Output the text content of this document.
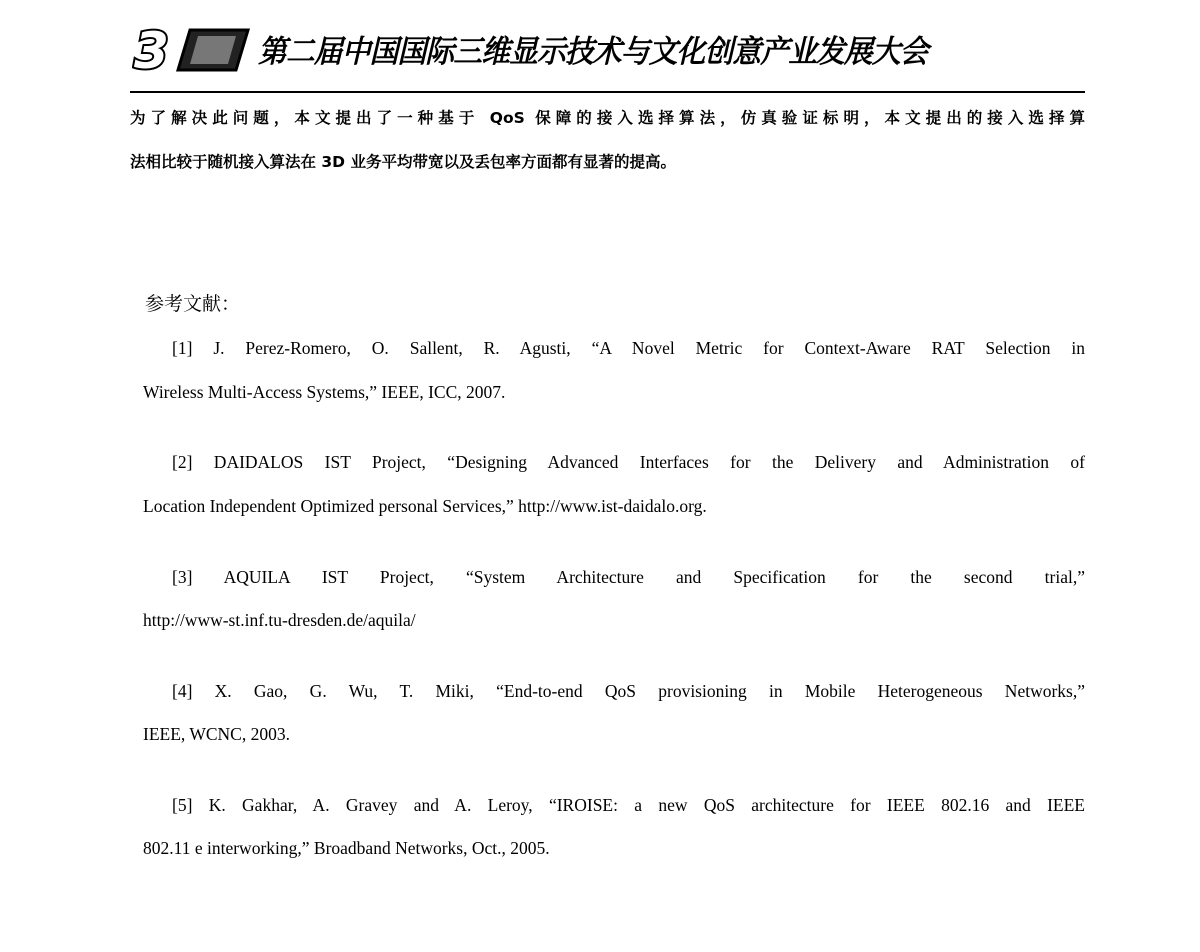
3	第二届中国国际三维显示技术与文化创意产业发展大会
为了解决此问题，本文提出了一种基于 QoS 保障的接入选择算法，仿真验证标明，本文提出的接入选择算
法相比较于随机接入算法在 3D 业务平均带宽以及丢包率方面都有显著的提高。
参考文献：
[1] J. Perez-Romero, O. Sallent, R. Agusti, “A Novel Metric for Context-Aware RAT Selection in
Wireless Multi-Access Systems,” IEEE, ICC, 2007.
[2] DAIDALOS IST Project, “Designing Advanced Interfaces for the Delivery and Administration of
Location Independent Optimized personal Services,” http://www.ist-daidalo.org.
[3] AQUILA IST Project, “System Architecture and Specification for the second trial,”
http://www-st.inf.tu-dresden.de/aquila/
[4] X. Gao, G. Wu, T. Miki, “End-to-end QoS provisioning in Mobile Heterogeneous Networks,”
IEEE, WCNC, 2003.
[5] K. Gakhar, A. Gravey and A. Leroy, “IROISE: a new QoS architecture for IEEE 802.16 and IEEE
802.11 e interworking,” Broadband Networks, Oct., 2005.
